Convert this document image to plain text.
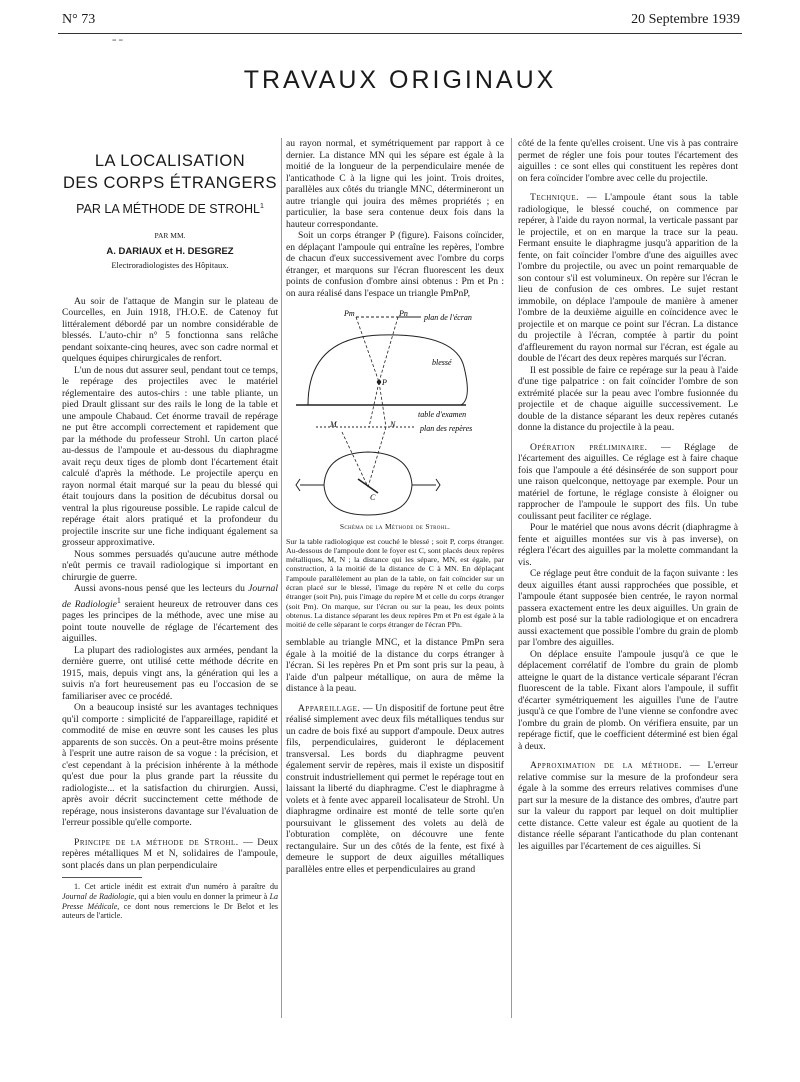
N° 73	20 Septembre 1939
= =
TRAVAUX ORIGINAUX
LA LOCALISATION
DES CORPS ÉTRANGERS
PAR LA MÉTHODE DE STROHL$^1$
PAR MM.
A. DARIAUX et H. DESGREZ
Electroradiologistes des Hôpitaux.

Au soir de l'attaque de Mangin sur le plateau de Courcelles, en Juin 1918, l'H.O.E. de Catenoy fut littéralement débordé par un nombre considérable de blessés. L'auto-chir n° 5 fonctionna sans relâche pendant soixante-cinq heures, avec son cadre normal et quelques équipes chirurgicales de renfort.

L'un de nous dut assurer seul, pendant tout ce temps, le repérage des projectiles avec le matériel réglementaire des autos-chirs : une table pliante, un pied Drault glissant sur des rails le long de la table et une ampoule Chabaud. Cet énorme travail de repérage ne put être accompli correctement et rapidement que par la méthode du professeur Strohl. Un carton placé au-dessus de l'ampoule et au-dessous du diaphragme avait reçu deux tiges de plomb dont l'écartement était calculé d'après la méthode. Le projectile aperçu en rayon normal était marqué sur la peau du blessé qui était toujours dans la position de décubitus dorsal ou ventral la plus rigoureuse possible. Le rapide calcul de repérage était alors pratiqué et la profondeur du projectile inscrite sur une fiche indiquant également sa grosseur approximative.

Nous sommes persuadés qu'aucune autre méthode n'eût permis ce travail radiologique si important en chirurgie de guerre.

Aussi avons-nous pensé que les lecteurs du Journal de Radiologie$^1$ seraient heureux de retrouver dans ces pages les principes de la méthode, avec une mise au point toute nouvelle de réglage de l'écartement des aiguilles.

La plupart des radiologistes aux armées, pendant la dernière guerre, ont utilisé cette méthode décrite en 1915, mais, depuis vingt ans, la génération qui les a suivis n'a fort heureusement pas eu l'occasion de se familiariser avec ce procédé.

On a beaucoup insisté sur les avantages techniques qu'il comporte : simplicité de l'appareillage, rapidité et commodité de mise en œuvre sont les causes les plus apparents de son succès. On a peut-être moins présente à l'esprit une autre raison de sa vogue : la précision, et c'est cependant à la précision inhérente à la méthode qu'est due pour la plus grande part la réussite du radiologiste... et la satisfaction du chirurgien. Aussi, après avoir décrit succinctement cette méthode de repérage, nous insisterons davantage sur l'évaluation de l'erreur possible qu'elle comporte.

Principe de la méthode de Strohl. — Deux repères métalliques M et N, solidaires de l'ampoule, sont placés dans un plan perpendiculaire

1. Cet article inédit est extrait d'un numéro à paraître du Journal de Radiologie, qui a bien voulu en donner la primeur à La Presse Médicale, ce dont nous remercions le Dr Belot et les auteurs de l'article.

au rayon normal, et symétriquement par rapport à ce dernier. La distance MN qui les sépare est égale à la moitié de la longueur de la perpendiculaire menée de l'anticathode C à la ligne qui les joint. Trois droites, parallèles aux côtés du triangle MNC, détermineront un autre triangle qui jouira des mêmes propriétés ; en particulier, la base sera contenue deux fois dans la hauteur correspondante.

Soit un corps étranger P (figure). Faisons coïncider, en déplaçant l'ampoule qui entraîne les repères, l'ombre de chacun d'eux successivement avec l'ombre du corps étranger, et marquons sur l'écran fluorescent les deux points de confusion d'ombre ainsi obtenus : Pm et Pn : on aura réalisé dans l'espace un triangle PmPnP,

Pm	Pn plan de l'écran
blessé
P
table d'examen
M	N	plan des repères
C
Schéma de la Méthode de Strohl.
Sur la table radiologique est couché le blessé ; soit P, corps étranger. Au-dessous de l'ampoule dont le foyer est C, sont placés deux repères métalliques, M, N ; la distance qui les sépare, MN, est égale, par construction, à la moitié de la distance de C à MN. En déplaçant l'ampoule parallèlement au plan de la table, on fait coïncider sur un écran placé sur le blessé, l'image du repère N et celle du corps étranger (soit Pn), puis l'image du repère M et celle du corps étranger (soit Pm). On marque, sur l'écran ou sur la peau, les deux points obtenus. La distance séparant les deux repères Pm et Pn est égale à la moitié de celle séparant le corps étranger de l'écran PPn.

semblable au triangle MNC, et la distance PmPn sera égale à la moitié de la distance du corps étranger à l'écran. Si les repères Pn et Pm sont pris sur la peau, à l'aide d'un palpeur métallique, on aura de même la distance à la peau.

Appareillage. — Un dispositif de fortune peut être réalisé simplement avec deux fils métalliques tendus sur un cadre de bois fixé au support d'ampoule. Deux autres fils, perpendiculaires, guideront le déplacement transversal. Les bords du diaphragme peuvent également servir de repères, mais il existe un dispositif construit industriellement qui permet le repérage tout en laissant la liberté du diaphragme. C'est le diaphragme à volets et à fente avec appareil localisateur de Strohl. Un diaphragme ordinaire est monté de telle sorte qu'en poursuivant le glissement des volets au delà de l'obturation complète, on découvre une fente rectangulaire. Sur un des côtés de la fente, est fixé à demeure le support de deux aiguilles métalliques parallèles entre elles et perpendiculaires au grand

côté de la fente qu'elles croisent. Une vis à pas contraire permet de régler une fois pour toutes l'écartement des aiguilles : ce sont elles qui constituent les repères dont on fera coïncider l'ombre avec celle du projectile.

Technique. — L'ampoule étant sous la table radiologique, le blessé couché, on commence par repérer, à l'aide du rayon normal, la verticale passant par le projectile, et on en marque la trace sur la peau. Fermant ensuite le diaphragme jusqu'à apparition de la fente, on fait coïncider l'ombre d'une des aiguilles avec l'ombre du projectile, ou avec un point remarquable de son contour s'il est volumineux. On repère sur l'écran le lieu de confusion de ces ombres. Le sujet restant immobile, on déplace l'ampoule de manière à amener l'ombre de la deuxième aiguille en coïncidence avec le projectile et on marque ce point sur l'écran. La distance du projectile à l'écran, comptée à partir du point d'affleurement du rayon normal sur l'écran, est égale au double de l'écart des deux repères marqués sur l'écran.

Il est possible de faire ce repérage sur la peau à l'aide d'une tige palpatrice : on fait coïncider l'ombre de son extrémité placée sur la peau avec l'ombre fusionnée du projectile et de chaque aiguille successivement. Le double de la distance séparant les deux repères cutanés donne la distance du projectile à la peau.

Opération préliminaire. — Réglage de l'écartement des aiguilles. Ce réglage est à faire chaque fois que l'ampoule a été désinsérée de son support pour une raison quelconque, nettoyage par exemple. Pour un matériel de fortune, le réglage consiste à éloigner ou rapprocher de l'ampoule le support des fils. Un tube coulissant peut faciliter ce réglage.

Pour le matériel que nous avons décrit (diaphragme à fente et aiguilles montées sur vis à pas inverse), on réglera l'écart des aiguilles par la molette commandant la vis.

Ce réglage peut être conduit de la façon suivante : les deux aiguilles étant aussi rapprochées que possible, et l'ampoule étant supposée bien centrée, le rayon normal passera exactement entre les deux aiguilles. Un grain de plomb est posé sur la table radiologique et on encadrera aussi exactement que possible l'ombre du grain de plomb par l'ombre des aiguilles.

On déplace ensuite l'ampoule jusqu'à ce que le déplacement corrélatif de l'ombre du grain de plomb atteigne le quart de la distance verticale séparant l'écran fluorescent de la table. Fixant alors l'ampoule, il suffit d'écarter symétriquement les aiguilles l'une de l'autre jusqu'à ce que l'ombre de l'une vienne se confondre avec l'ombre du grain de plomb. On vérifiera ensuite, par un repérage fictif, que le coefficient déterminé est bien égal à deux.

Approximation de la méthode. — L'erreur relative commise sur la mesure de la profondeur sera égale à la somme des erreurs relatives commises d'une part sur la mesure de la distance des ombres, d'autre part sur la valeur du rapport par lequel on doit multiplier cette distance. Cette valeur est égale au quotient de la distance réelle séparant l'anticathode du plan contenant les aiguilles par l'écartement de ces aiguilles. Si
